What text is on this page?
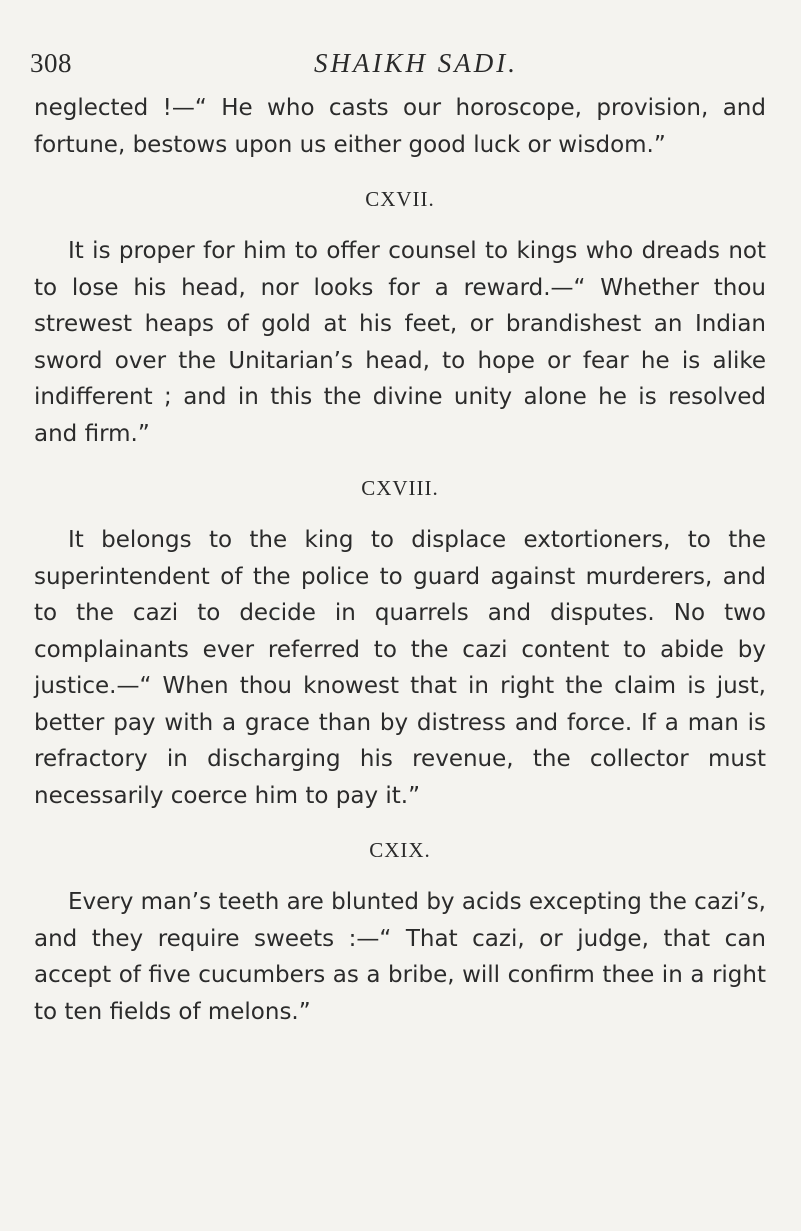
308	SHAIKH SADI.

neglected !—“ He who casts our horoscope, provision, and fortune, bestows upon us either good luck or wisdom.”

CXVII.

It is proper for him to offer counsel to kings who dreads not to lose his head, nor looks for a reward.—“ Whether thou strewest heaps of gold at his feet, or brandishest an Indian sword over the Unitarian’s head, to hope or fear he is alike indifferent ; and in this the divine unity alone he is resolved and firm.”

CXVIII.

It belongs to the king to displace extortioners, to the superintendent of the police to guard against murderers, and to the cazi to decide in quarrels and disputes. No two complainants ever referred to the cazi content to abide by justice.—“ When thou knowest that in right the claim is just, better pay with a grace than by distress and force. If a man is refractory in discharging his revenue, the collector must necessarily coerce him to pay it.”

CXIX.

Every man’s teeth are blunted by acids excepting the cazi’s, and they require sweets :—“ That cazi, or judge, that can accept of five cucumbers as a bribe, will confirm thee in a right to ten fields of melons.”
